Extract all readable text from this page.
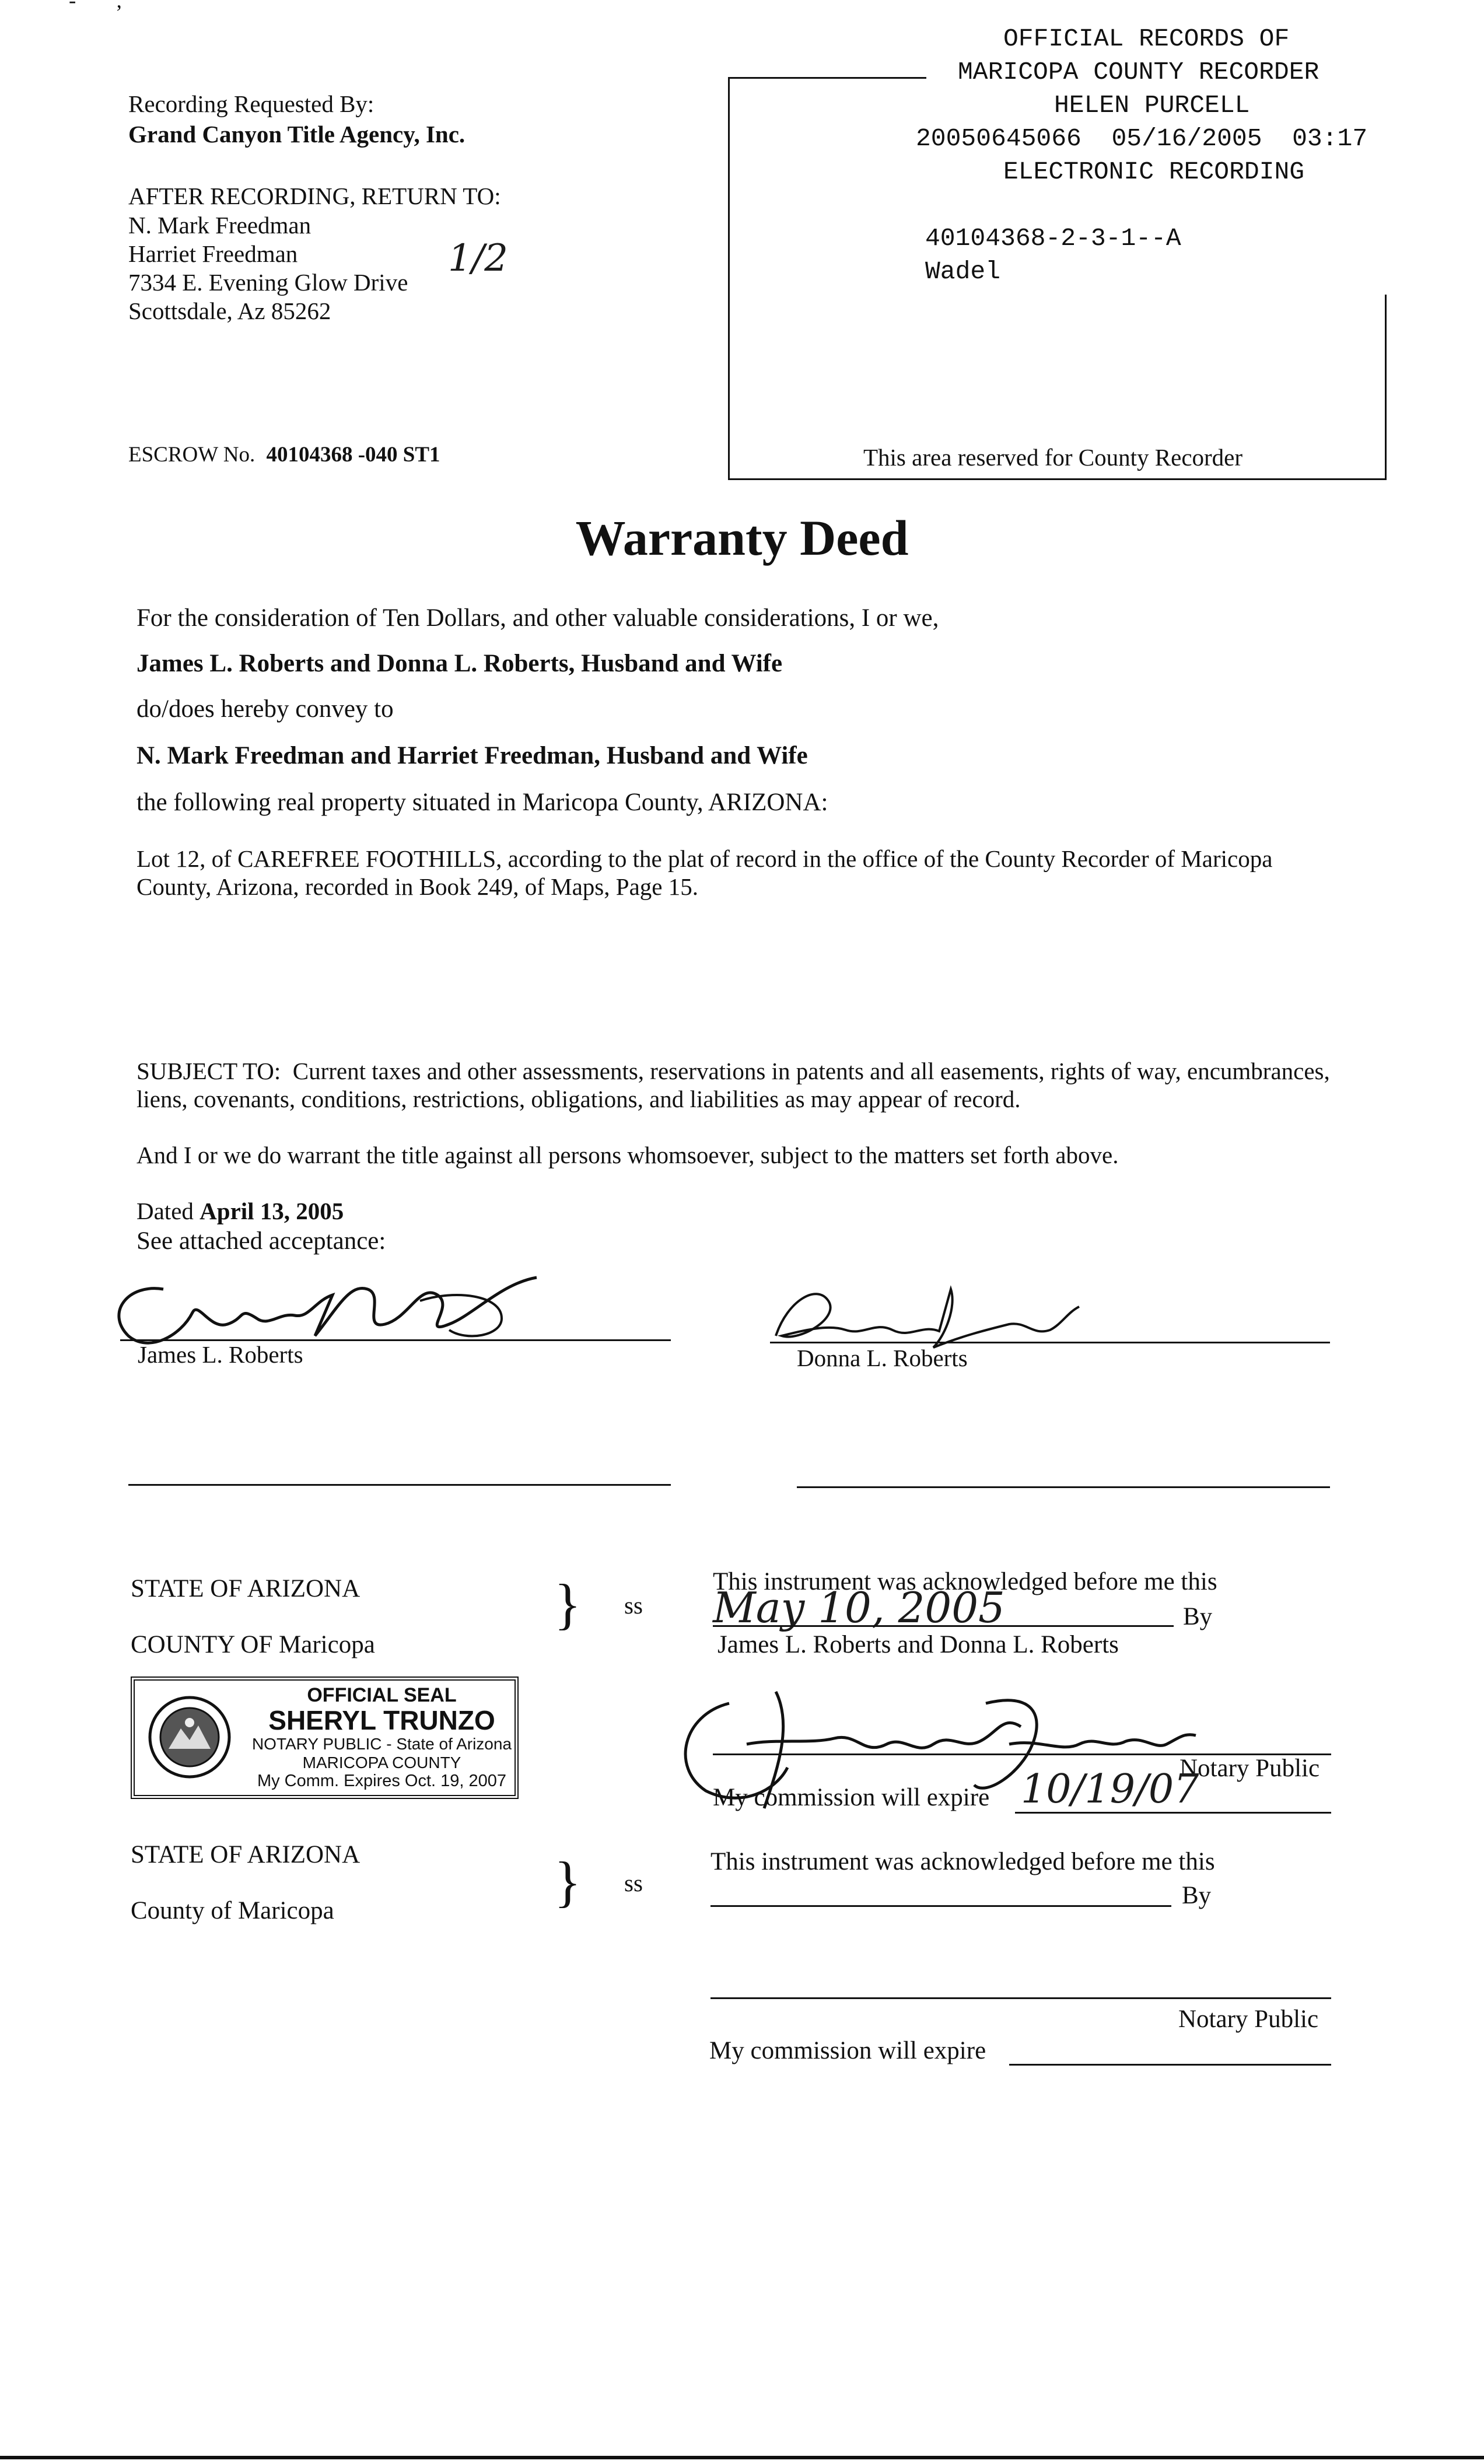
- ,
OFFICIAL RECORDS OF
MARICOPA COUNTY RECORDER
HELEN PURCELL
20050645066  05/16/2005  03:17
ELECTRONIC RECORDING
40104368-2-3-1--A
Wadel
This area reserved for County Recorder
Recording Requested By:
Grand Canyon Title Agency, Inc.
AFTER RECORDING, RETURN TO:
N. Mark Freedman
Harriet Freedman
7334 E. Evening Glow Drive
Scottsdale, Az 85262
1/2
ESCROW No. 40104368 -040 ST1
Warranty Deed
For the consideration of Ten Dollars, and other valuable considerations, I or we,
James L. Roberts and Donna L. Roberts, Husband and Wife
do/does hereby convey to
N. Mark Freedman and Harriet Freedman, Husband and Wife
the following real property situated in Maricopa County, ARIZONA:
Lot 12, of CAREFREE FOOTHILLS, according to the plat of record in the office of the County Recorder of Maricopa
County, Arizona, recorded in Book 249, of Maps, Page 15.
SUBJECT TO:  Current taxes and other assessments, reservations in patents and all easements, rights of way, encumbrances,
liens, covenants, conditions, restrictions, obligations, and liabilities as may appear of record.
And I or we do warrant the title against all persons whomsoever, subject to the matters set forth above.
Dated April 13, 2005
See attached acceptance:
James L. Roberts	Donna L. Roberts
STATE OF ARIZONA
COUNTY OF Maricopa
} ss
This instrument was acknowledged before me this
May 10, 2005	By
James L. Roberts and Donna L. Roberts
Notary Public
My commission will expire 10/19/07
OFFICIAL SEAL
SHERYL TRUNZO
NOTARY PUBLIC - State of Arizona
MARICOPA COUNTY
My Comm. Expires Oct. 19, 2007
STATE OF ARIZONA
County of Maricopa	} ss
This instrument was acknowledged before me this
By
Notary Public
My commission will expire
